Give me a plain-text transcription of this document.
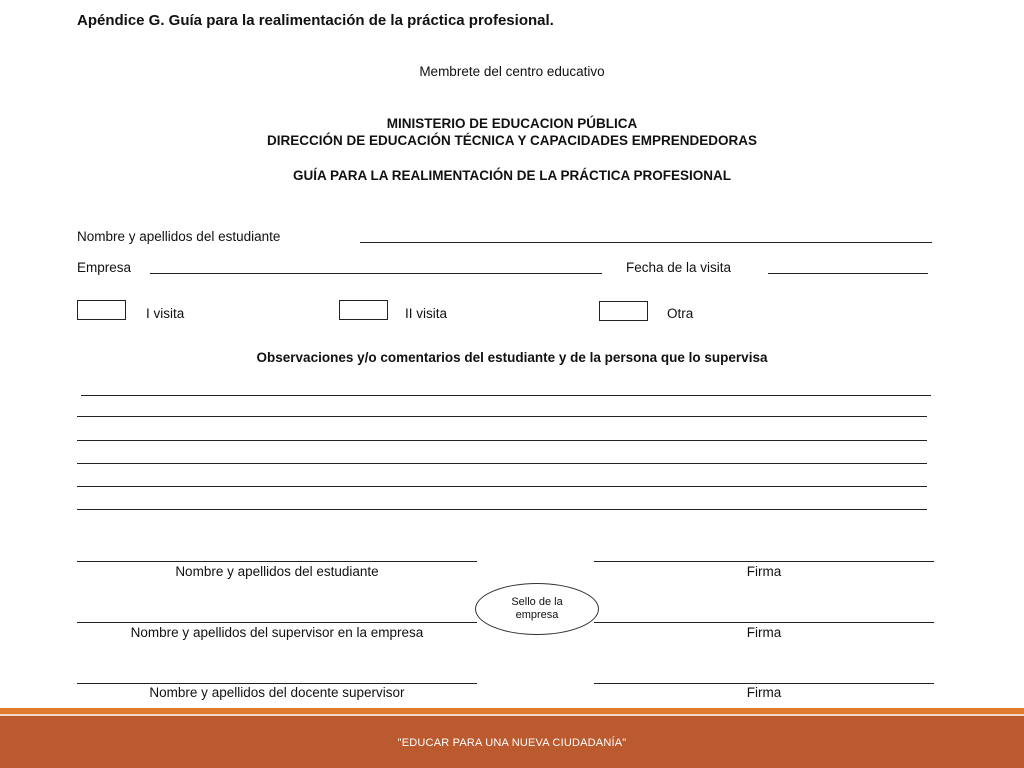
Apéndice G. Guía para la realimentación de la práctica profesional.
Membrete del centro educativo
MINISTERIO DE EDUCACION PÚBLICA
DIRECCIÓN DE EDUCACIÓN TÉCNICA Y CAPACIDADES EMPRENDEDORAS
GUÍA PARA LA REALIMENTACIÓN DE LA PRÁCTICA PROFESIONAL
Nombre y apellidos del estudiante
Empresa	Fecha de la visita
I visita	II visita	Otra
Observaciones y/o comentarios del estudiante y de la persona que lo supervisa
Nombre y apellidos del estudiante	Firma
Nombre y apellidos del supervisor en la empresa	Firma
Sello de la
empresa
Nombre y apellidos del docente supervisor	Firma
"EDUCAR PARA UNA NUEVA CIUDADANÍA"
